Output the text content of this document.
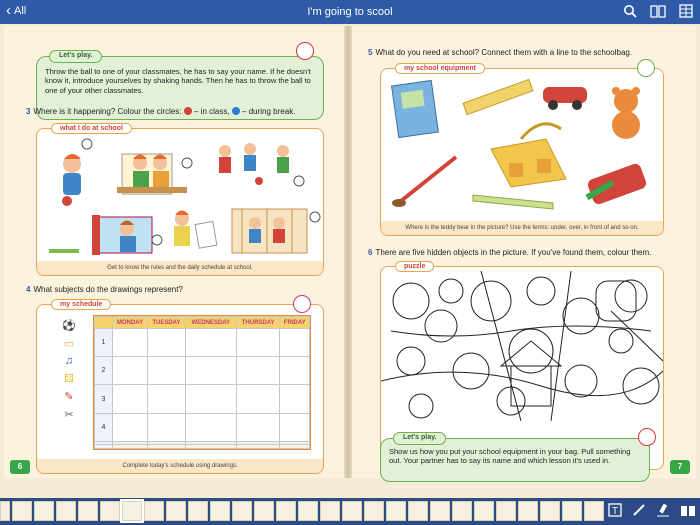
‹ All	I'm going to scool
Let's play.
Throw the ball to one of your classmates, he has to say your name. If he doesn't know it, introduce yourselves by shaking hands. Then he has to throw the ball to one of your other classmates.
3 Where is it happening? Colour the circles: – in class, – during break.
what I do at school
Get to know the rules and the daily schedule at school.
4 What subjects do the drawings represent?
my schedule
⚽
▭
♫
⚄
✎
✂
	MONDAY	TUESDAY	WEDNESDAY	THURSDAY	FRIDAY
1					
2					
3					
4					

Complete today's schedule using drawings.
6
5 What do you need at school? Connect them with a line to the schoolbag.
my school equipment
Where is the teddy bear in the picture? Use the terms: under, over, in front of and so on.
6 There are five hidden objects in the picture. If you've found them, colour them.
puzzle
Let's play.
Show us how you put your school equipment in your bag. Pull something out. Your partner has to say its name and which lesson it's used in.
7
T
